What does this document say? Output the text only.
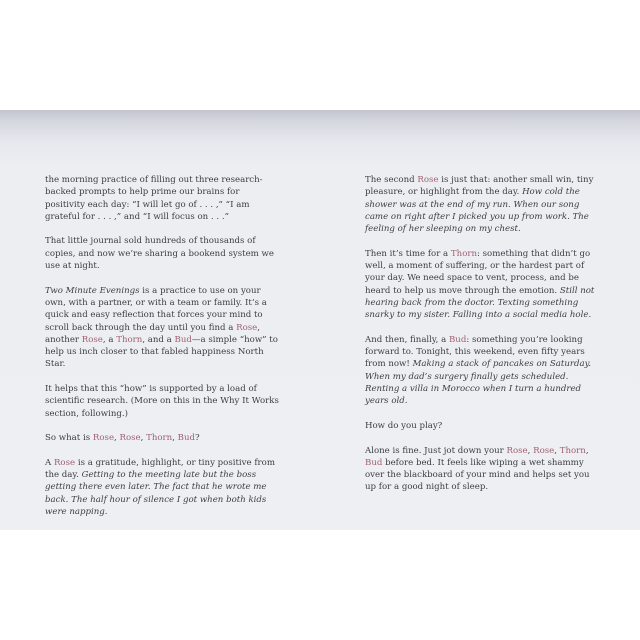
the morning practice of filling out three research-backed prompts to help prime our brains for positivity each day: “I will let go of . . . ,” “I am grateful for . . . ,” and “I will focus on . . .”

That little journal sold hundreds of thousands of copies, and now we’re sharing a bookend system we use at night.

Two Minute Evenings is a practice to use on your own, with a partner, or with a team or family. It’s a quick and easy reflection that forces your mind to scroll back through the day until you find a Rose, another Rose, a Thorn, and a Bud—a simple “how” to help us inch closer to that fabled happiness North Star.

It helps that this “how” is supported by a load of scientific research. (More on this in the Why It Works section, following.)

So what is Rose, Rose, Thorn, Bud?

A Rose is a gratitude, highlight, or tiny positive from the day. Getting to the meeting late but the boss getting there even later. The fact that he wrote me back. The half hour of silence I got when both kids were napping.

The second Rose is just that: another small win, tiny pleasure, or highlight from the day. How cold the shower was at the end of my run. When our song came on right after I picked you up from work. The feeling of her sleeping on my chest.

Then it’s time for a Thorn: something that didn’t go well, a moment of suffering, or the hardest part of your day. We need space to vent, process, and be heard to help us move through the emotion. Still not hearing back from the doctor. Texting something snarky to my sister. Falling into a social media hole.

And then, finally, a Bud: something you’re looking forward to. Tonight, this weekend, even fifty years from now! Making a stack of pancakes on Saturday. When my dad’s surgery finally gets scheduled. Renting a villa in Morocco when I turn a hundred years old.

How do you play?

Alone is fine. Just jot down your Rose, Rose, Thorn, Bud before bed. It feels like wiping a wet shammy over the blackboard of your mind and helps set you up for a good night of sleep.
